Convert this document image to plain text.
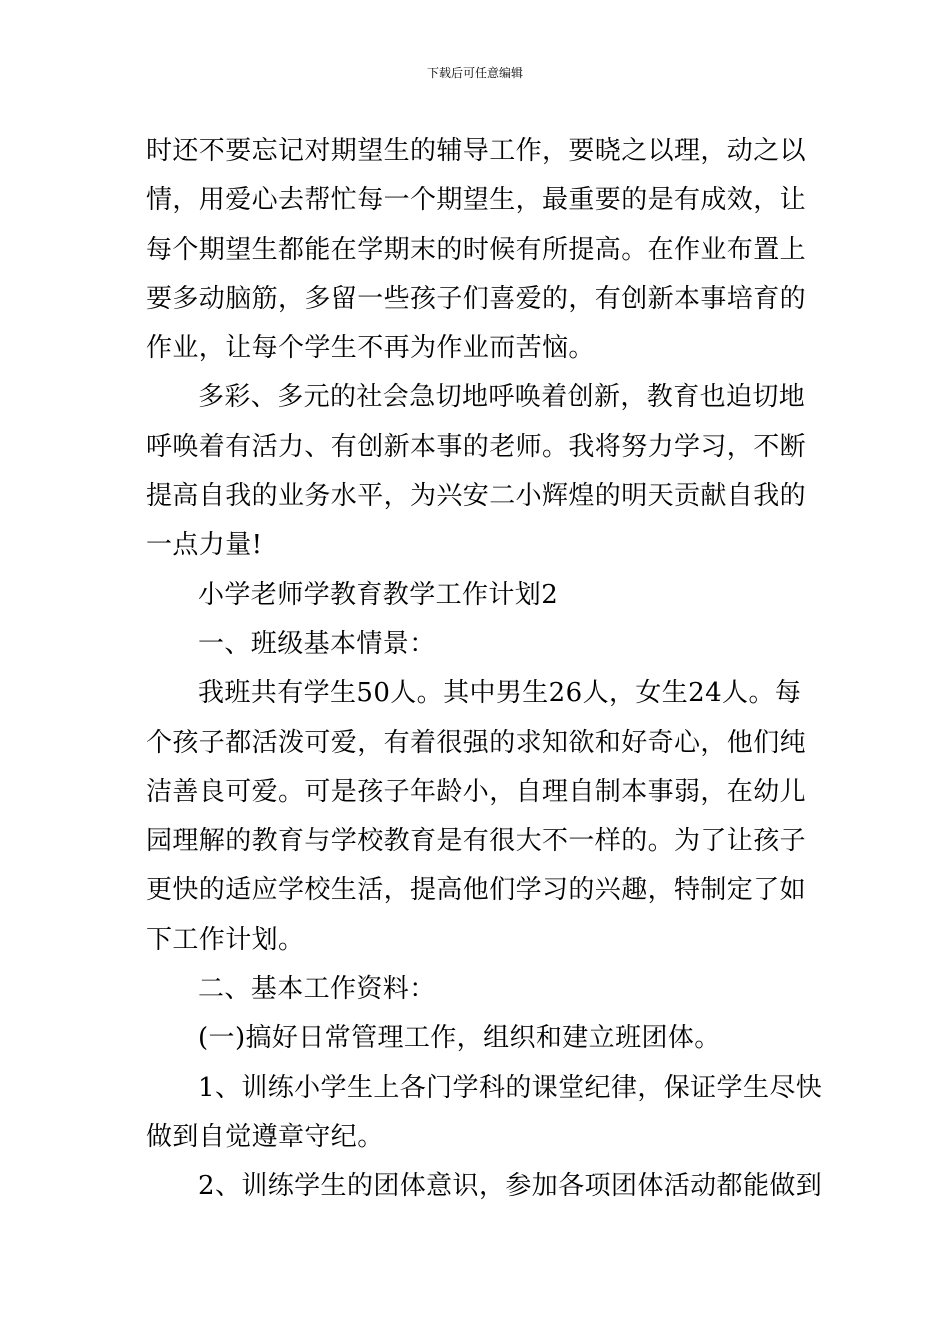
下载后可任意编辑
时还不要忘记对期望生的辅导工作，要晓之以理，动之以
情，用爱心去帮忙每一个期望生，最重要的是有成效，让
每个期望生都能在学期末的时候有所提高。在作业布置上
要多动脑筋，多留一些孩子们喜爱的，有创新本事培育的
作业，让每个学生不再为作业而苦恼。
多彩、多元的社会急切地呼唤着创新，教育也迫切地
呼唤着有活力、有创新本事的老师。我将努力学习，不断
提高自我的业务水平，为兴安二小辉煌的明天贡献自我的
一点力量!
小学老师学教育教学工作计划2
一、班级基本情景：
我班共有学生50人。其中男生26人，女生24人。每
个孩子都活泼可爱，有着很强的求知欲和好奇心，他们纯
洁善良可爱。可是孩子年龄小，自理自制本事弱，在幼儿
园理解的教育与学校教育是有很大不一样的。为了让孩子
更快的适应学校生活，提高他们学习的兴趣，特制定了如
下工作计划。
二、基本工作资料：
(一)搞好日常管理工作，组织和建立班团体。
1、训练小学生上各门学科的课堂纪律，保证学生尽快
做到自觉遵章守纪。
2、训练学生的团体意识，参加各项团体活动都能做到
